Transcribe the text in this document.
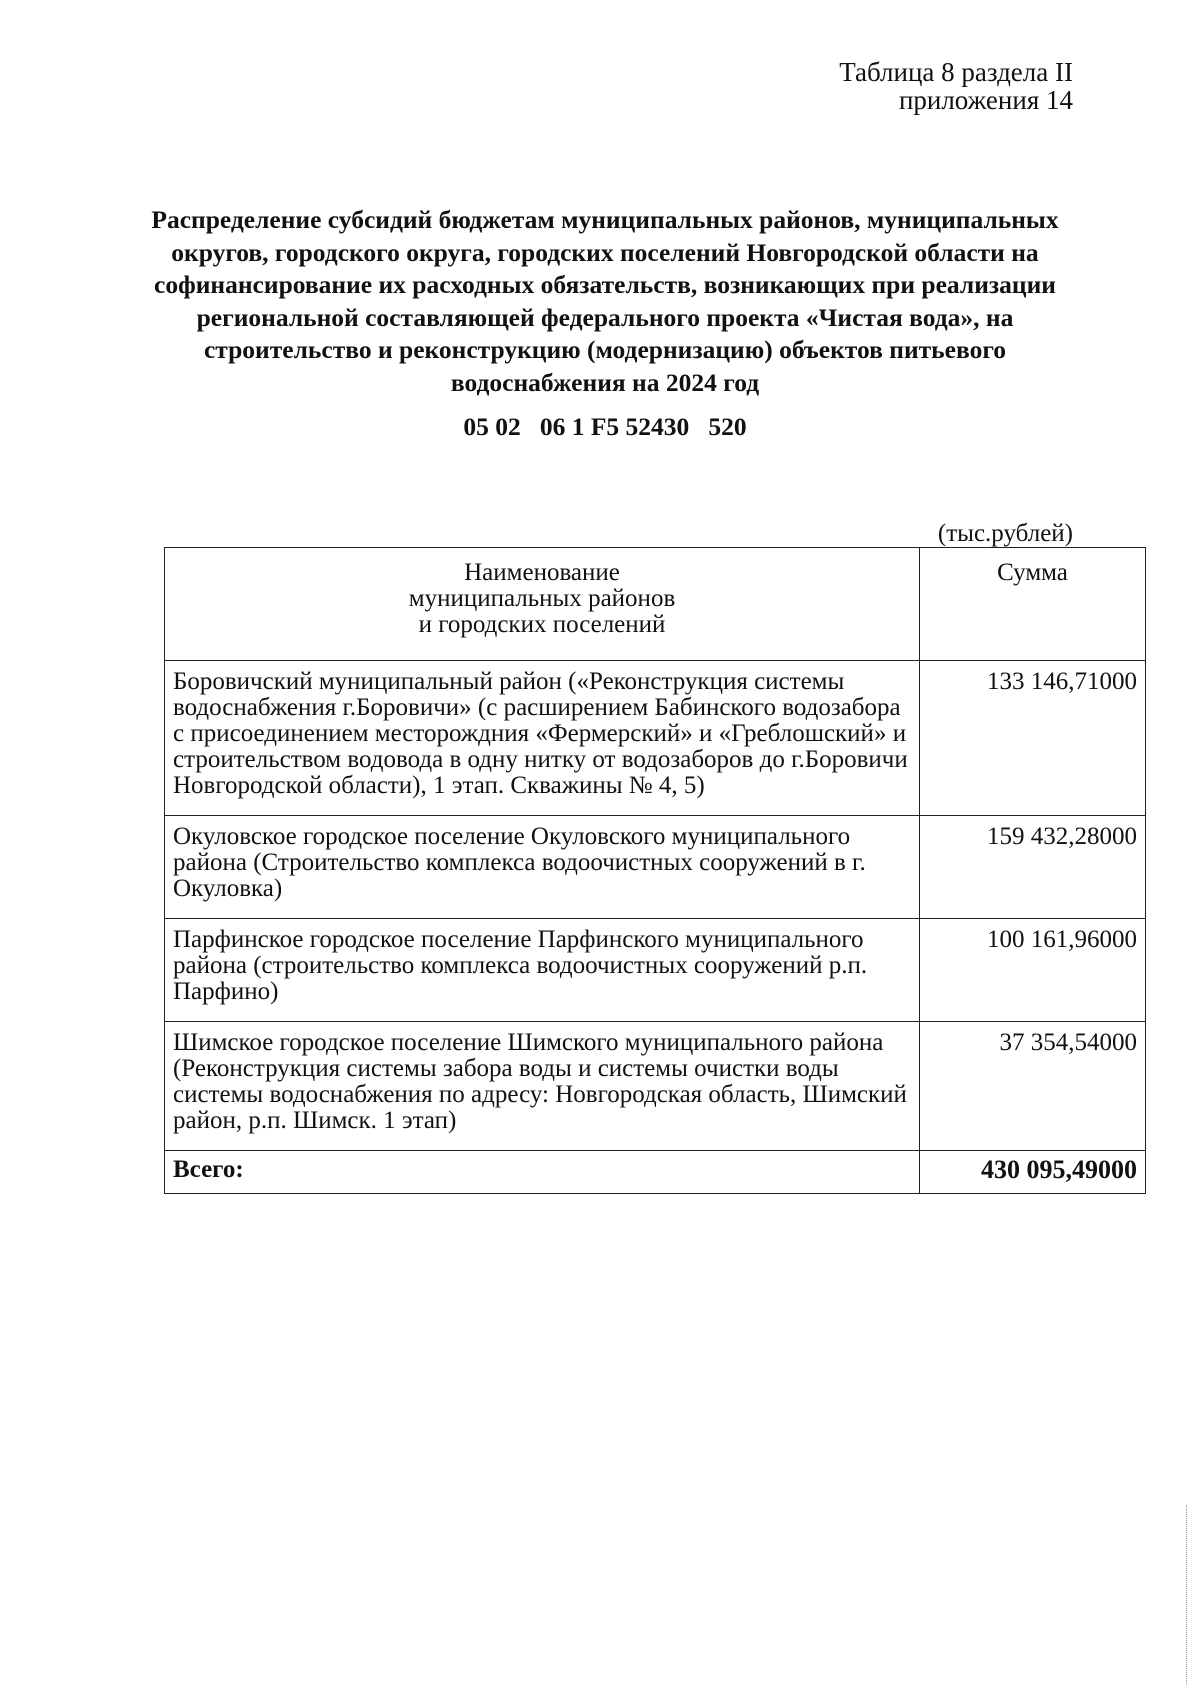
Таблица 8 раздела II
приложения 14
Распределение субсидий бюджетам муниципальных районов, муниципальных округов, городского округа, городских поселений Новгородской области на софинансирование их расходных обязательств, возникающих при реализации региональной составляющей федерального проекта «Чистая вода», на строительство и реконструкцию (модернизацию) объектов питьевого водоснабжения на 2024 год
05 02   06 1 F5 52430   520
(тыс.рублей)
Наименование
муниципальных районов
и городских поселений	Сумма
Боровичский муниципальный район («Реконструкция системы водоснабжения г.Боровичи» (с расширением Бабинского водозабора с присоединением месторождния «Фермерский» и «Греблошский» и строительством водовода в одну нитку от водозаборов до г.Боровичи Новгородской области), 1 этап. Скважины № 4, 5)	133 146,71000
Окуловское городское поселение Окуловского муниципального района (Строительство комплекса водоочистных сооружений в г. Окуловка)	159 432,28000
Парфинское городское поселение Парфинского муниципального района (строительство комплекса водоочистных сооружений р.п. Парфино)	100 161,96000
Шимское городское поселение Шимского муниципального района (Реконструкция системы забора воды и системы очистки воды системы водоснабжения по адресу: Новгородская область, Шимский район, р.п. Шимск. 1 этап)	37 354,54000
Всего:	430 095,49000
